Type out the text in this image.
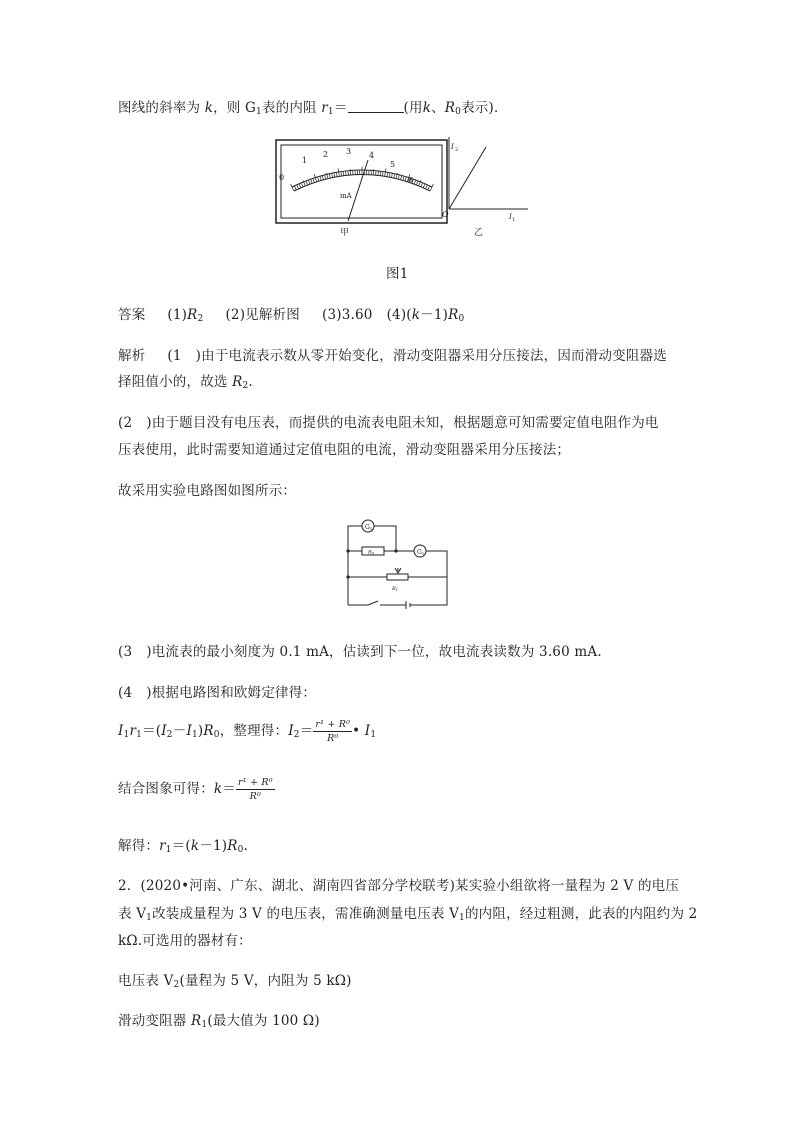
图线的斜率为 k，则 $G_1$表的内阻 $r_1=$	(用k、$R_0$表示)．
0
1
2 3 4
5
6
mA
甲
I 2
I 1
O
乙
图1
答案 $(1)R_2$ (2)见解析图 (3)3.60 $(4)(k-1)R_0$
解析 (1 )由于电流表示数从零开始变化，滑动变阻器采用分压接法，因而滑动变阻器选
择阻值小的，故选 $R_2$.
(2 )由于题目没有电压表，而提供的电流表电阻未知，根据题意可知需要定值电阻作为电
压表使用，此时需要知道通过定值电阻的电流，滑动变阻器采用分压接法；
故采用实验电路图如图所示：
G1
G2
$R_0$
$R_1$
(3 )电流表的最小刻度为 0.1 mA，估读到下一位，故电流表读数为 3.60 mA.
(4 )根据电路图和欧姆定律得：
$I_1r_1=(I_2-I_1)R_0$，整理得：$I_2= \frac{\text{r¹ + R⁰}}{\text{R⁰}}$ • $I_1$
结合图象可得：$k= \frac{\text{r¹ + R⁰}}{\text{R⁰}}$
解得：$r_1=(k-1)R_0$.
2．(2020•河南、广东、湖北、湖南四省部分学校联考)某实验小组欲将一量程为 2 V 的电压
表 $V_1$改装成量程为 3 V 的电压表，需准确测量电压表 $V_1$的内阻，经过粗测，此表的内阻约为 2
kΩ.可选用的器材有：
电压表 $V_2$(量程为 5 V，内阻为 5 kΩ)
滑动变阻器 $R_1$(最大值为 100 Ω)
